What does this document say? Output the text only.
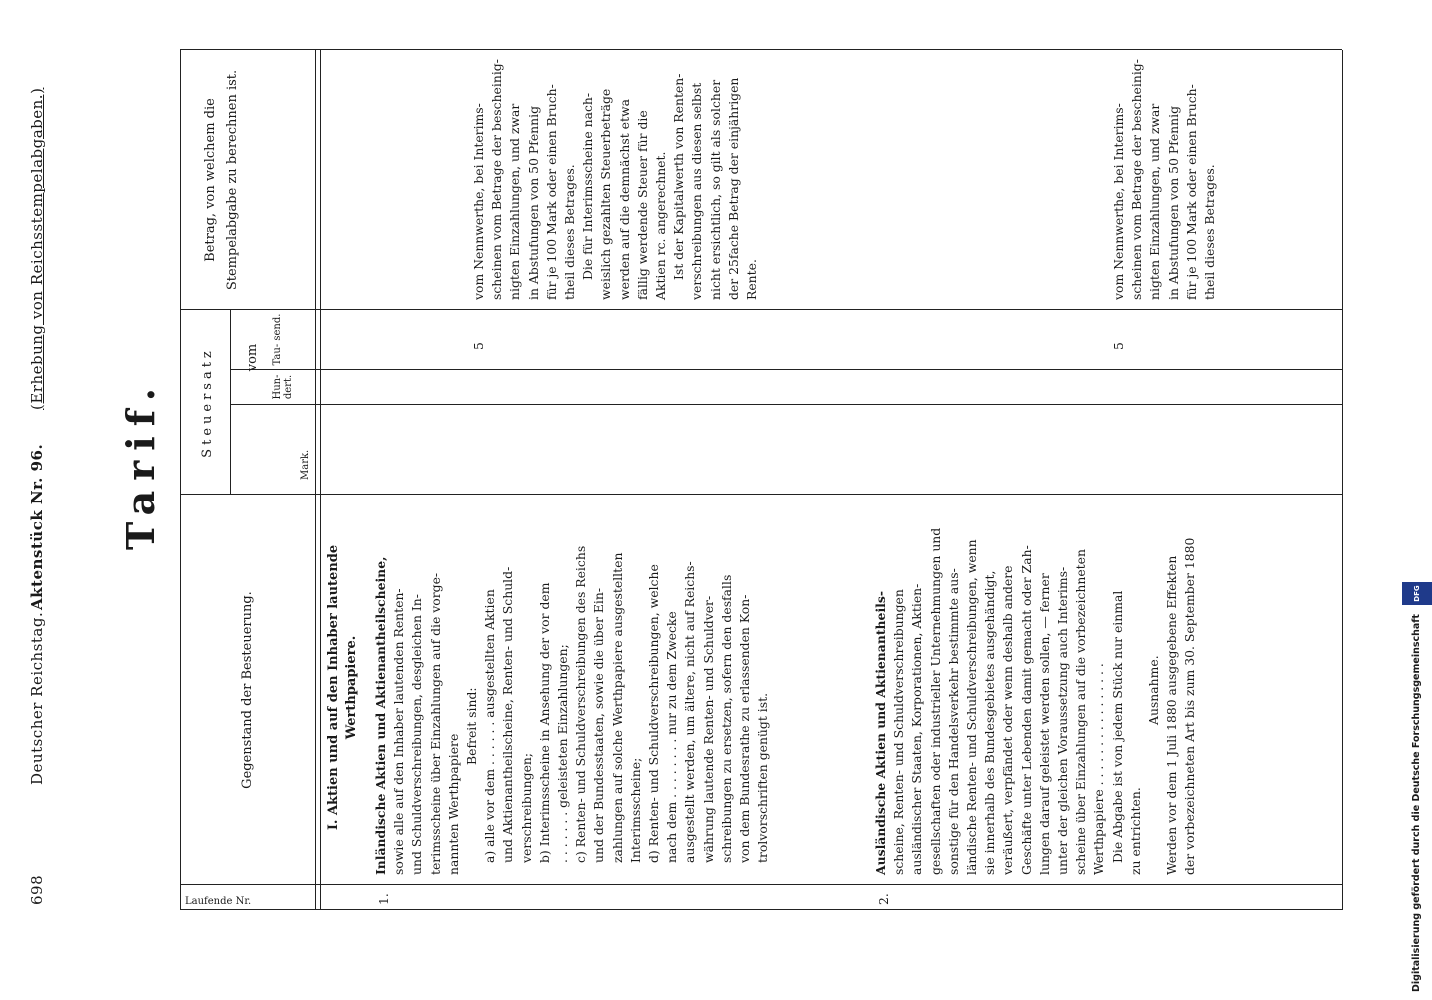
698
Deutscher Reichstag.
Aktenstück Nr. 96.
(Erhebung von Reichsstempelabgaben.)
Tarif.
Laufende Nr.
Gegenstand der Besteuerung.
Steuersatz vom
Hun- dert.
Tau- send.
Mark.
Betrag, von welchem die Stempelabgabe zu berechnen ist.
1.
I. Aktien und auf den Inhaber lautende Werthpapiere. Inländische Aktien und Aktienantheilscheine, sowie alle auf den Inhaber lautenden Renten- und Schuldverschreibungen, desgleichen In- terimsscheine über Einzahlungen auf die vorge- nannten Werthpapiere
Befreit sind: a) alle vor dem . . . . . . ausgestellten Aktien und Aktienantheilscheine, Renten- und Schuld- verschreibungen; b) Interimsscheine in Ansehung der vor dem . . . . . . . geleisteten Einzahlungen; c) Renten- und Schuldverschreibungen des Reichs und der Bundesstaaten, sowie die über Ein- zahlungen auf solche Werthpapiere ausgestellten Interimsscheine; d) Renten- und Schuldverschreibungen, welche nach dem . . . . . . . . nur zu dem Zwecke ausgestellt werden, um ältere, nicht auf Reichs- währung lautende Renten- und Schuldver- schreibungen zu ersetzen, sofern den desfalls von dem Bundesrathe zu erlassenden Kon- trolvorschriften genügt ist.
5
vom Nennwerthe, bei Interims- scheinen vom Betrage der bescheinig- nigten Einzahlungen, und zwar in Abstufungen von 50 Pfennig für je 100 Mark oder einen Bruch- theil dieses Betrages. Die für Interimsscheine nach- weislich gezahlten Steuerbeträge werden auf die demnächst etwa fällig werdende Steuer für die Aktien rc. angerechnet. Ist der Kapitalwerth von Renten- verschreibungen aus diesen selbst nicht ersichtlich, so gilt als solcher der 25fache Betrag der einjährigen Rente.
2.
Ausländische Aktien und Aktienantheils- scheine, Renten- und Schuldverschreibungen ausländischer Staaten, Korporationen, Aktien- gesellschaften oder industrieller Unternehmungen und sonstige für den Handelsverkehr bestimmte aus- ländische Renten- und Schuldverschreibungen, wenn sie innerhalb des Bundesgebietes ausgehändigt, veräußert, verpfändet oder wenn deshalb andere Geschäfte unter Lebenden damit gemacht oder Zah- lungen darauf geleistet werden sollen, — ferner unter der gleichen Voraussetzung auch Interims- scheine über Einzahlungen auf die vorbezeichneten Werthpapiere . . . . . . . . . . . . . . . . Die Abgabe ist von jedem Stück nur einmal zu entrichten.
Ausnahme. Werden vor dem 1 Juli 1880 ausgegebene Effekten der vorbezeichneten Art bis zum 30. September 1880
5
vom Nennwerthe, bei Interims- scheinen vom Betrage der bescheinig- nigten Einzahlungen, und zwar in Abstufungen von 50 Pfennig für je 100 Mark oder einen Bruch- theil dieses Betrages.
Digitalisierung gefördert durch die Deutsche Forschungsgemeinschaft DFG
